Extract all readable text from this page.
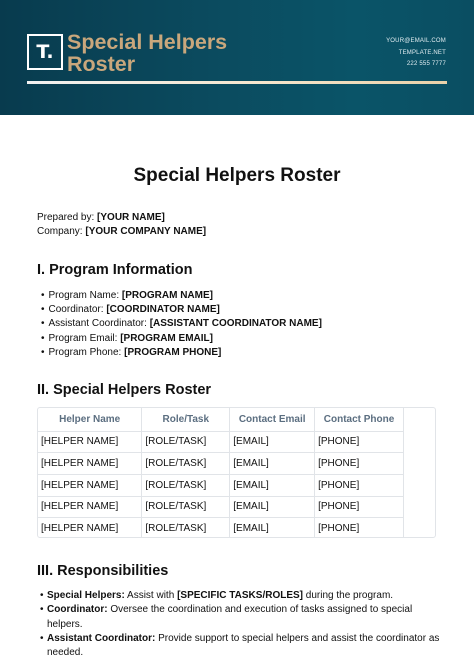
T. Special Helpers
Roster
YOUR@EMAIL.COM
TEMPLATE.NET
222 555 7777
Special Helpers Roster
Prepared by: [YOUR NAME]
Company: [YOUR COMPANY NAME]
I. Program Information
• Program Name: [PROGRAM NAME]
• Coordinator: [COORDINATOR NAME]
• Assistant Coordinator: [ASSISTANT COORDINATOR NAME]
• Program Email: [PROGRAM EMAIL]
• Program Phone: [PROGRAM PHONE]
II. Special Helpers Roster
Helper Name	Role/Task	Contact Email	Contact Phone
[HELPER NAME]	[ROLE/TASK]	[EMAIL]	[PHONE]
[HELPER NAME]	[ROLE/TASK]	[EMAIL]	[PHONE]
[HELPER NAME]	[ROLE/TASK]	[EMAIL]	[PHONE]
[HELPER NAME]	[ROLE/TASK]	[EMAIL]	[PHONE]
[HELPER NAME]	[ROLE/TASK]	[EMAIL]	[PHONE]
III. Responsibilities
• Special Helpers: Assist with [SPECIFIC TASKS/ROLES] during the program.
• Coordinator: Oversee the coordination and execution of tasks assigned to special helpers.
• Assistant Coordinator: Provide support to special helpers and assist the coordinator as needed.
